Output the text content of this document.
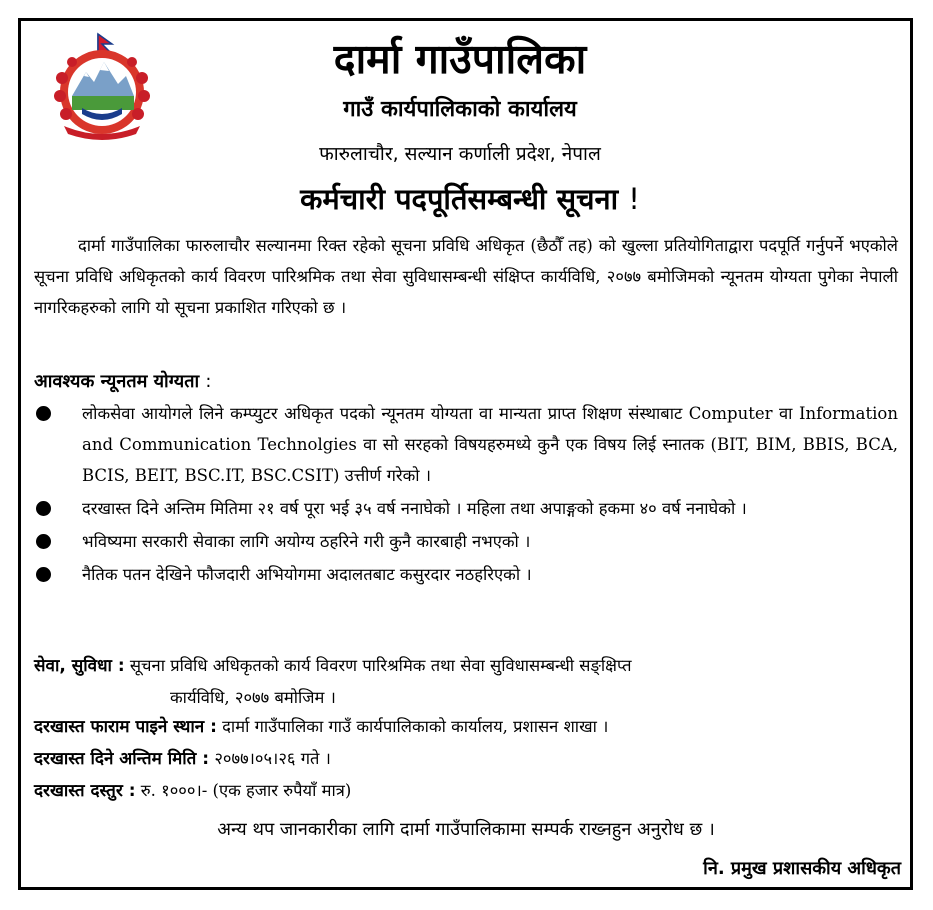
दार्मा गाउँपालिका
गाउँ कार्यपालिकाको कार्यालय
फारुलाचौर, सल्यान कर्णाली प्रदेश, नेपाल
कर्मचारी पदपूर्तिसम्बन्धी सूचना !

दार्मा गाउँपालिका फारुलाचौर सल्यानमा रिक्त रहेको सूचना प्रविधि अधिकृत (छैठौँ तह) को खुल्ला प्रतियोगिताद्वारा पदपूर्ति गर्नुपर्ने भएकोले सूचना प्रविधि अधिकृतको कार्य विवरण पारिश्रमिक तथा सेवा सुविधासम्बन्धी संक्षिप्त कार्यविधि, २०७७ बमोजिमको न्यूनतम योग्यता पुगेका नेपाली नागरिकहरुको लागि यो सूचना प्रकाशित गरिएको छ ।

आवश्यक न्यूनतम योग्यता :
लोकसेवा आयोगले लिने कम्प्युटर अधिकृत पदको न्यूनतम योग्यता वा मान्यता प्राप्त शिक्षण संस्थाबाट Computer वा Information and Communication Technolgies वा सो सरहको विषयहरुमध्ये कुनै एक विषय लिई स्नातक (BIT, BIM, BBIS, BCA, BCIS, BEIT, BSC.IT, BSC.CSIT) उत्तीर्ण गरेको ।
दरखास्त दिने अन्तिम मितिमा २१ वर्ष पूरा भई ३५ वर्ष ननाघेको । महिला तथा अपाङ्गको हकमा ४० वर्ष ननाघेको ।
भविष्यमा सरकारी सेवाका लागि अयोग्य ठहरिने गरी कुनै कारबाही नभएको ।
नैतिक पतन देखिने फौजदारी अभियोगमा अदालतबाट कसुरदार नठहरिएको ।
सेवा, सुविधा : सूचना प्रविधि अधिकृतको कार्य विवरण पारिश्रमिक तथा सेवा सुविधासम्बन्धी सङ्क्षिप्त
कार्यविधि, २०७७ बमोजिम ।
दरखास्त फाराम पाइने स्थान : दार्मा गाउँपालिका गाउँ कार्यपालिकाको कार्यालय, प्रशासन शाखा ।
दरखास्त दिने अन्तिम मिति : २०७७।०५।२६ गते ।
दरखास्त दस्तुर : रु. १०००।- (एक हजार रुपैयाँ मात्र)
अन्य थप जानकारीका लागि दार्मा गाउँपालिकामा सम्पर्क राख्नहुन अनुरोध छ ।
नि. प्रमुख प्रशासकीय अधिकृत
